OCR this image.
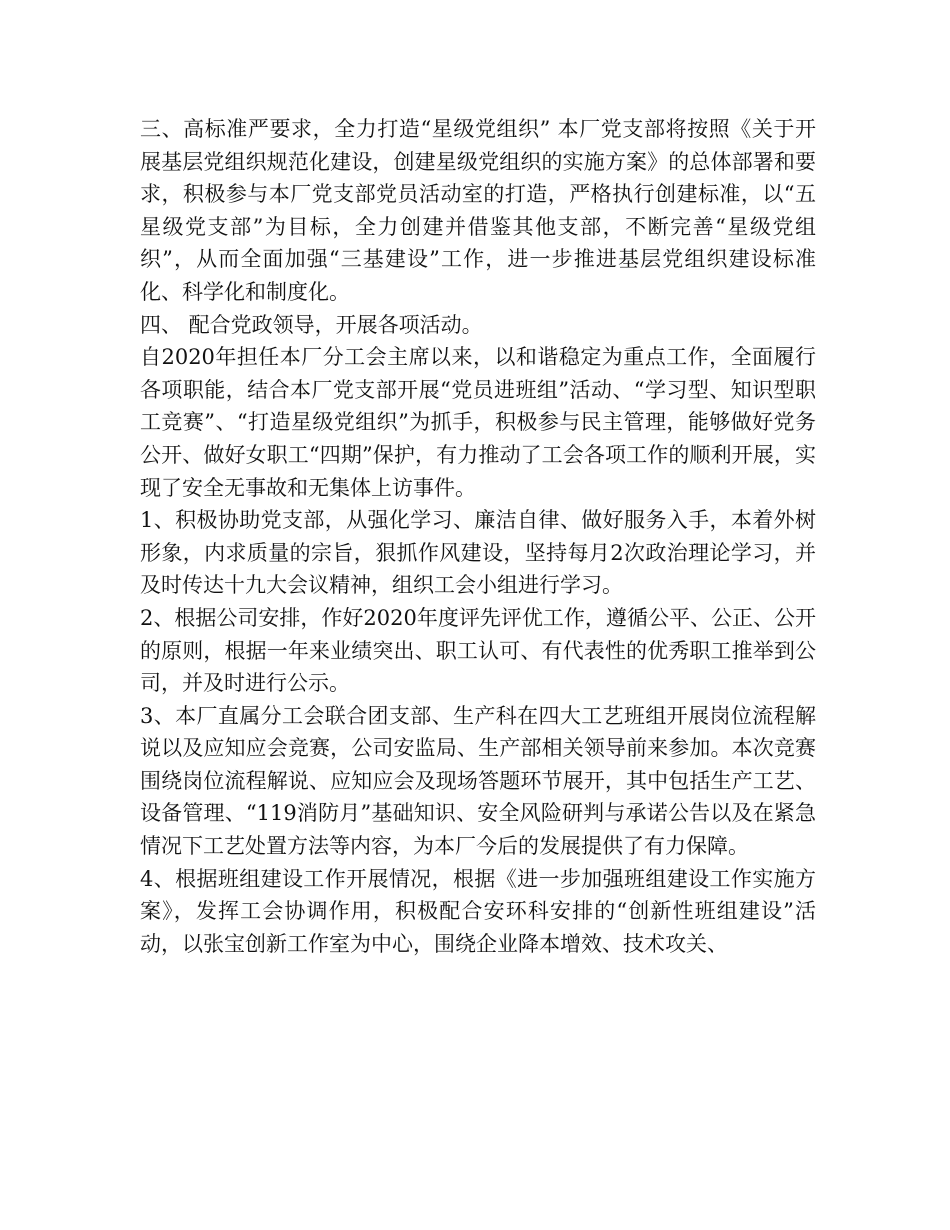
三、高标准严要求，全力打造“星级党组织” 本厂党支部将按照《关于开展基层党组织规范化建设，创建星级党组织的实施方案》的总体部署和要求，积极参与本厂党支部党员活动室的打造，严格执行创建标准，以“五星级党支部”为目标，全力创建并借鉴其他支部，不断完善“星级党组织”，从而全面加强“三基建设”工作，进一步推进基层党组织建设标准化、科学化和制度化。

四、 配合党政领导，开展各项活动。

自2020年担任本厂分工会主席以来，以和谐稳定为重点工作，全面履行各项职能，结合本厂党支部开展“党员进班组”活动、“学习型、知识型职工竞赛”、“打造星级党组织”为抓手，积极参与民主管理，能够做好党务公开、做好女职工“四期”保护，有力推动了工会各项工作的顺利开展，实现了安全无事故和无集体上访事件。

1、积极协助党支部，从强化学习、廉洁自律、做好服务入手，本着外树形象，内求质量的宗旨，狠抓作风建设，坚持每月2次政治理论学习，并及时传达十九大会议精神，组织工会小组进行学习。

2、根据公司安排，作好2020年度评先评优工作，遵循公平、公正、公开的原则，根据一年来业绩突出、职工认可、有代表性的优秀职工推举到公司，并及时进行公示。

3、本厂直属分工会联合团支部、生产科在四大工艺班组开展岗位流程解说以及应知应会竞赛，公司安监局、生产部相关领导前来参加。本次竞赛围绕岗位流程解说、应知应会及现场答题环节展开，其中包括生产工艺、设备管理、“119消防月”基础知识、安全风险研判与承诺公告以及在紧急情况下工艺处置方法等内容，为本厂今后的发展提供了有力保障。

4、根据班组建设工作开展情况，根据《进一步加强班组建设工作实施方案》，发挥工会协调作用，积极配合安环科安排的“创新性班组建设”活动，以张宝创新工作室为中心，围绕企业降本增效、技术攻关、
